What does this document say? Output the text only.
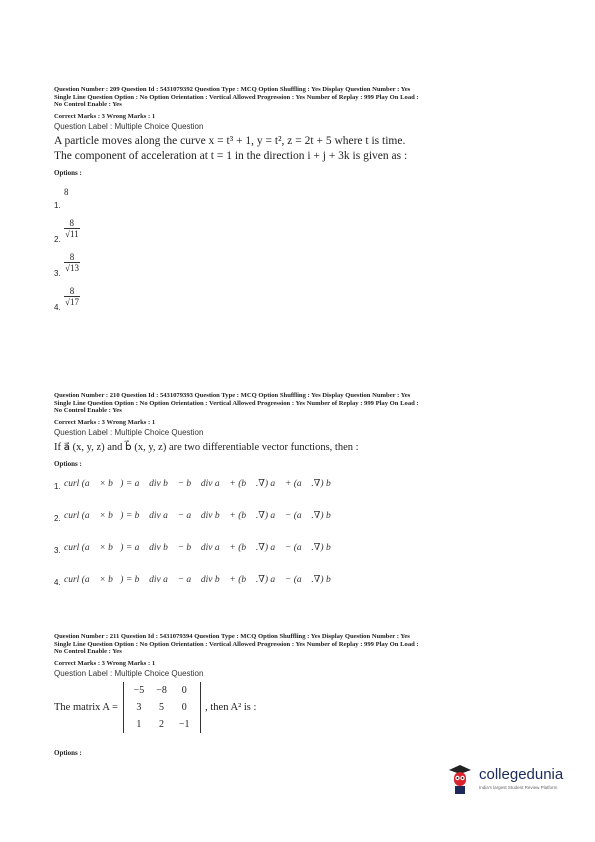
Question Number : 209 Question Id : 5431079392 Question Type : MCQ Option Shuffling : Yes Display Question Number : Yes
Single Line Question Option : No Option Orientation : Vertical Allowed Progression : Yes Number of Replay : 999 Play On Load :
No Control Enable : Yes
Correct Marks : 3 Wrong Marks : 1
Question Label : Multiple Choice Question
A particle moves along the curve x = t³ + 1, y = t², z = 2t + 5 where t is time.
The component of acceleration at t = 1 in the direction i + j + 3k is given as :
Options :
1.
8
2.
$\frac{8}{√11}$
3.
$\frac{8}{√13}$
4.
$\frac{8}{√17}$
Question Number : 210 Question Id : 5431079393 Question Type : MCQ Option Shuffling : Yes Display Question Number : Yes
Single Line Question Option : No Option Orientation : Vertical Allowed Progression : Yes Number of Replay : 999 Play On Load :
No Control Enable : Yes
Correct Marks : 3 Wrong Marks : 1
Question Label : Multiple Choice Question
If a⃗ (x, y, z) and b⃗ (x, y, z) are two differentiable vector functions, then :
Options :
1. curl (a⃗ × b⃗) = a⃗ div b⃗ − b⃗ div a⃗ + (b⃗ .∇) a⃗ + (a⃗ .∇) b⃗
2. curl (a⃗ × b⃗) = b⃗ div a⃗ − a⃗ div b⃗ + (b⃗ .∇) a⃗ − (a⃗ .∇) b⃗
3. curl (a⃗ × b⃗) = a⃗ div b⃗ − b⃗ div a⃗ + (b⃗ .∇) a⃗ − (a⃗ .∇) b⃗
4. curl (a⃗ × b⃗) = b⃗ div a⃗ − a⃗ div b⃗ + (b⃗ .∇) a⃗ − (a⃗ .∇) b⃗
Question Number : 211 Question Id : 5431079394 Question Type : MCQ Option Shuffling : Yes Display Question Number : Yes
Single Line Question Option : No Option Orientation : Vertical Allowed Progression : Yes Number of Replay : 999 Play On Load :
No Control Enable : Yes
Correct Marks : 3 Wrong Marks : 1
Question Label : Multiple Choice Question
The matrix A =
−5	−8	0
3	5	0
1	2	−1
, then A² is :
Options :
collegedunia
India's largest Student Review Platform
